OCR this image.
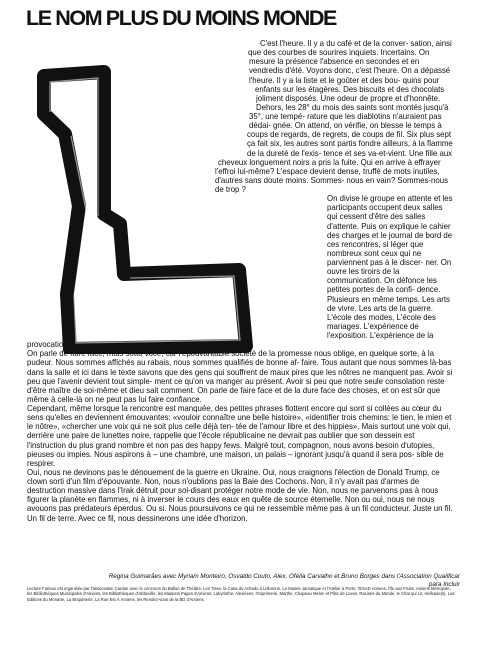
LE NOM PLUS DU MOINS MONDE
C'est l'heure. Il y a du café et de la conver- sation, ainsi que des courbes de sourires inquiets. Incertains. On mesure la présence l'absence en secondes et en vendredis d'été. Voyons donc, c'est l'heure. On a dépassé l'heure. Il y a la liste et le goûter et des bou- quins pour enfants sur les étagères. Des biscuits et des chocolats joliment disposés. Une odeur de propre et d'honnête. Dehors, les 28° du mois des saints sont montés jusqu'à 35°, une tempé- rature que les diablotins n'auraient pas dédai- gnée. On attend, on vérifie, on blesse le temps à coups de regards, de regrets, de coups de fil. Six plus sept ça fait six, les autres sont partis fondre ailleurs, à la flamme de la dureté de l'exis- tence et ses va-et-vient. Une fille aux cheveux longuement noirs a pris la fuite. Qui en arrive à effrayer l'effroi lui-même? L'espace devient dense, truffé de mots inutiles, d'autres sans doute moins. Sommes- nous en vain? Sommes-nous de trop ?
On divise le groupe en attente et les participants occupent deux salles qui cessent d'être des salles d'attente. Puis on explique le cahier des charges et le journal de bord de ces rencontres, si léger que nombreux sont ceux qui ne parviennent pas à le discer- ner. On ouvre les tiroirs de la communication. On défonce les petites portes de la confi- dence. Plusieurs en même temps. Les arts de vivre. Les arts de la guerre. L'école des modes, L'école des mariages. L'expérience de l'exposition. L'expérience de la provocation.
On parle de faire face, mais sotto voce, car l'épouvantable société de la promesse nous oblige, en quelque sorte, à la pudeur. Nous sommes affichés au rabais, nous sommes qualifiés de bonne af- faire. Tous autant que nous sommes là-bas dans la salle et ici dans le texte savons que des gens qui souffrent de maux pires que les nôtres ne manquent pas. Avoir si peu que l'avenir devient tout simple- ment ce qu'on va manger au présent. Avoir si peu que notre seule consolation reste d'être maître de soi-même et dieu sait comment. On parle de faire face et de la dure face des choses, et on est sûr que même à celle-là on ne peut pas lui faire confiance.
Cependant, même lorsque la rencontre est manquée, des petites phrases flottent encore qui sont si collées au cœur du sens qu'elles en deviennent émouvantes: «vouloir connaître une belle histoire», «identifier trois chemins: le tien, le mien et le nôtre», «chercher une voix qui ne soit plus celle déjà ten- tée de l'amour libre et des hippies». Mais surtout une voix qui, derrière une paire de lunettes noire, rappelle que l'école républicaine ne devrait pas oublier que son dessein est l'instruction du plus grand nombre et non pas des happy fews. Malgré tout, compagnon, nous avons besoin d'utopies, pieuses ou impies. Nous aspirons à – une chambre, une maison, un palais – ignorant jusqu'à quand il sera pos- sible de respirer.
Oui, nous ne devinons pas le dénouement de la guerre en Ukraine. Oui, nous craignons l'élection de Donald Trump, ce clown sorti d'un film d'épouvante. Non, nous n'oublions pas la Baie des Cochons. Non, il n'y avait pas d'armes de destruction massive dans l'Irak détruit pour soi-disant protéger notre mode de vie. Non, nous ne parvenons pas à nous figurer la planète en flammes, ni à inverser le cours des eaux en quête de source éternelle. Non ou oui, nous ne nous avouons pas prédateurs éperdus. Ou si. Nous poursuivons ce qui ne ressemble même pas à un fil conducteur. Juste un fil. Un fil de terre. Avec ce fil, nous dessinerons une idée d'horizon.
Regina Guimarães avec Myriam Monteiro, Osvaldo Couto, Alex, Ofélia Carvalho et Bruno Borges dans l'Association Qualificar para Incluir
Lecture Furieux est organisée par l'association Cardan avec le concours du Ballon de Théâtre, Les Tisse, la Casa do Achado à Lisbonne, Le Musée Jamatique et l'Atelier à Porto, l'ESAD Amiens, l'île aux Fruits, Amiens Métropole, les Bibliothèques Municipales d'Amiens, les Bibliothèques d'Abbeville, les Maisons Pages d'Amiens, Labyrinthe, Alexiéens, l'Imprimerie, Marthe, Chapeau Melon et Pâte de Loxes, Racines du Monde, le Chat qui Lit, Hellcase(s), Les Editions du Monarte, La Briqueterie, La Rue Est À Amiens, les Rendez-vous de la BD d'Amiens.
